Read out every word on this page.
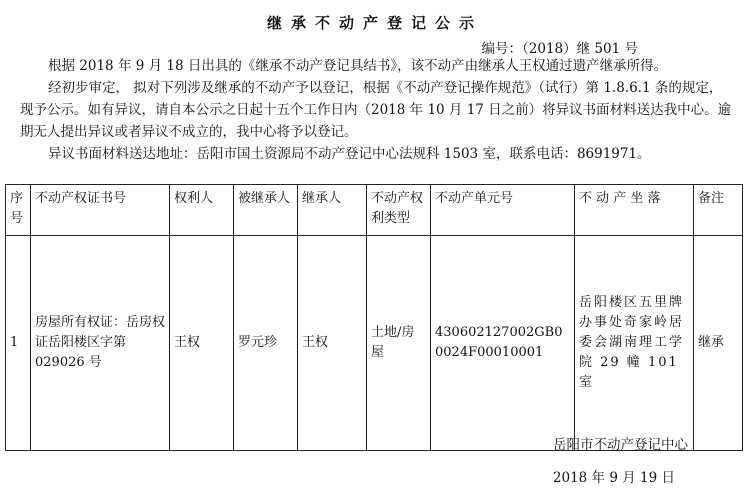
继承不动产登记公示
编号：（2018）继 501 号

根据 2018 年 9 月 18 日出具的《继承不动产登记具结书》，该不动产由继承人王权通过遗产继承所得。

经初步审定， 拟对下列涉及继承的不动产予以登记，根据《不动产登记操作规范》（试行）第 1.8.6.1 条的规定，现予公示。如有异议，请自本公示之日起十五个工作日内（2018 年 10 月 17 日之前）将异议书面材料送达我中心。逾期无人提出异议或者异议不成立的，我中心将予以登记。

异议书面材料送达地址：岳阳市国土资源局不动产登记中心法规科 1503 室，联系电话：8691971。

序号	不动产权证书号	权利人	被继承人	继承人	不动产权利类型	不动产单元号	不 动 产 坐 落	备注
1	房屋所有权证：岳房权证岳阳楼区字第 029026 号	王权	罗元珍	王权	土地/房屋	430602127002GB00024F00010001	岳阳楼区五里牌办事处奇家岭居委会湖南理工学院 29 幢 101 室	继承
岳阳市不动产登记中心
2018 年 9 月 19 日
